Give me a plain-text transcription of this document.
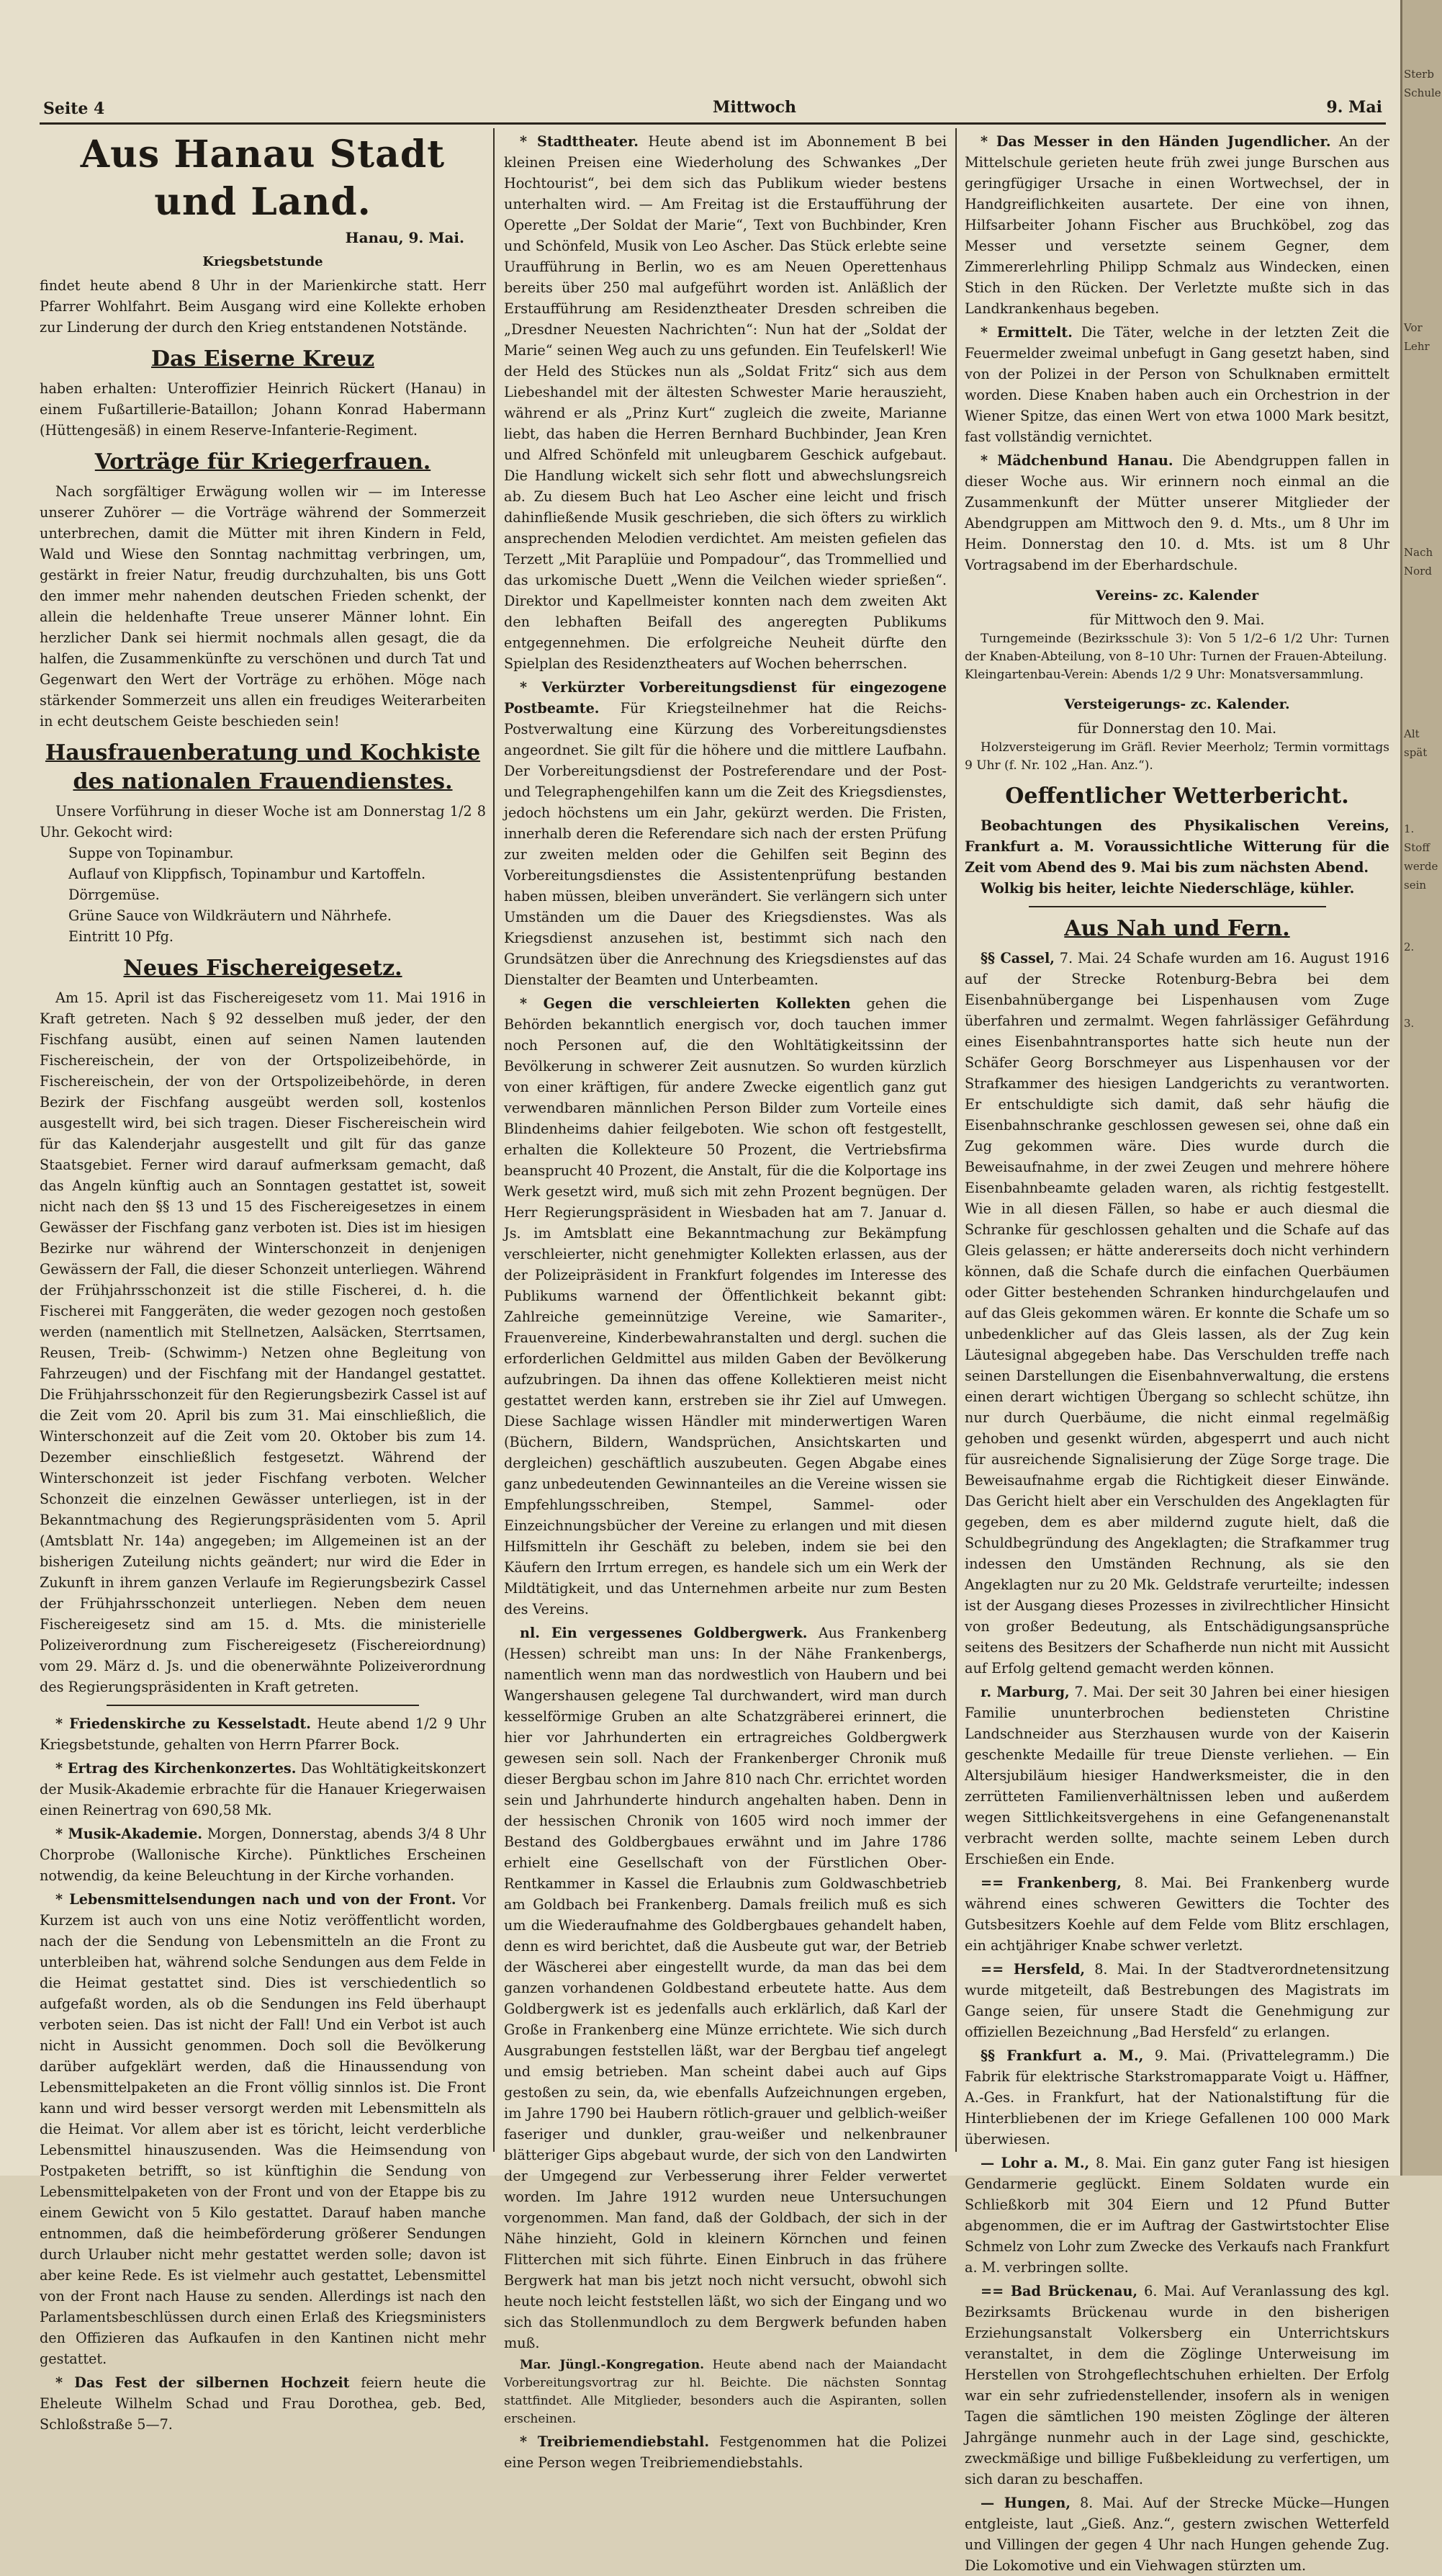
Seite 4	Mittwoch	9. Mai
Aus Hanau Stadt und Land.
Hanau, 9. Mai.
Kriegsbetstunde

findet heute abend 8 Uhr in der Marienkirche statt. Herr Pfarrer Wohlfahrt. Beim Ausgang wird eine Kollekte erhoben zur Linderung der durch den Krieg entstandenen Notstände.

Das Eiserne Kreuz

haben erhalten: Unteroffizier Heinrich Rückert (Hanau) in einem Fußartillerie-Bataillon; Johann Konrad Habermann (Hüttengesäß) in einem Reserve-Infanterie-Regiment.

Vorträge für Kriegerfrauen.

Nach sorgfältiger Erwägung wollen wir — im Interesse unserer Zuhörer — die Vorträge während der Sommerzeit unterbrechen, damit die Mütter mit ihren Kindern in Feld, Wald und Wiese den Sonntag nachmittag verbringen, um, gestärkt in freier Natur, freudig durchzuhalten, bis uns Gott den immer mehr nahenden deutschen Frieden schenkt, der allein die heldenhafte Treue unserer Männer lohnt. Ein herzlicher Dank sei hiermit nochmals allen gesagt, die da halfen, die Zusammenkünfte zu verschönen und durch Tat und Gegenwart den Wert der Vorträge zu erhöhen. Möge nach stärkender Sommerzeit uns allen ein freudiges Weiterarbeiten in echt deutschem Geiste beschieden sein!

Hausfrauenberatung und Kochkiste des nationalen Frauendienstes.

Unsere Vorführung in dieser Woche ist am Donnerstag 1/2 8 Uhr. Gekocht wird:

Suppe von Topinambur.

Auflauf von Klippfisch, Topinambur und Kartoffeln.

Dörrgemüse.

Grüne Sauce von Wildkräutern und Nährhefe.

Eintritt 10 Pfg.

Neues Fischereigesetz.

Am 15. April ist das Fischereigesetz vom 11. Mai 1916 in Kraft getreten. Nach § 92 desselben muß jeder, der den Fischfang ausübt, einen auf seinen Namen lautenden Fischereischein, der von der Ortspolizeibehörde, in Fischereischein, der von der Ortspolizeibehörde, in deren Bezirk der Fischfang ausgeübt werden soll, kostenlos ausgestellt wird, bei sich tragen. Dieser Fischereischein wird für das Kalenderjahr ausgestellt und gilt für das ganze Staatsgebiet. Ferner wird darauf aufmerksam gemacht, daß das Angeln künftig auch an Sonntagen gestattet ist, soweit nicht nach den §§ 13 und 15 des Fischereigesetzes in einem Gewässer der Fischfang ganz verboten ist. Dies ist im hiesigen Bezirke nur während der Winterschonzeit in denjenigen Gewässern der Fall, die dieser Schonzeit unterliegen. Während der Frühjahrsschonzeit ist die stille Fischerei, d. h. die Fischerei mit Fanggeräten, die weder gezogen noch gestoßen werden (namentlich mit Stellnetzen, Aalsäcken, Sterrtsamen, Reusen, Treib- (Schwimm-) Netzen ohne Begleitung von Fahrzeugen) und der Fischfang mit der Handangel gestattet. Die Frühjahrsschonzeit für den Regierungsbezirk Cassel ist auf die Zeit vom 20. April bis zum 31. Mai einschließlich, die Winterschonzeit auf die Zeit vom 20. Oktober bis zum 14. Dezember einschließlich festgesetzt. Während der Winterschonzeit ist jeder Fischfang verboten. Welcher Schonzeit die einzelnen Gewässer unterliegen, ist in der Bekanntmachung des Regierungspräsidenten vom 5. April (Amtsblatt Nr. 14a) angegeben; im Allgemeinen ist an der bisherigen Zuteilung nichts geändert; nur wird die Eder in Zukunft in ihrem ganzen Verlaufe im Regierungsbezirk Cassel der Frühjahrsschonzeit unterliegen. Neben dem neuen Fischereigesetz sind am 15. d. Mts. die ministerielle Polizeiverordnung zum Fischereigesetz (Fischereiordnung) vom 29. März d. Js. und die obenerwähnte Polizeiverordnung des Regierungspräsidenten in Kraft getreten.

* Friedenskirche zu Kesselstadt. Heute abend 1/2 9 Uhr Kriegsbetstunde, gehalten von Herrn Pfarrer Bock.

* Ertrag des Kirchenkonzertes. Das Wohltätigkeitskonzert der Musik-Akademie erbrachte für die Hanauer Kriegerwaisen einen Reinertrag von 690,58 Mk.

* Musik-Akademie. Morgen, Donnerstag, abends 3/4 8 Uhr Chorprobe (Wallonische Kirche). Pünktliches Erscheinen notwendig, da keine Beleuchtung in der Kirche vorhanden.

* Lebensmittelsendungen nach und von der Front. Vor Kurzem ist auch von uns eine Notiz veröffentlicht worden, nach der die Sendung von Lebensmitteln an die Front zu unterbleiben hat, während solche Sendungen aus dem Felde in die Heimat gestattet sind. Dies ist verschiedentlich so aufgefaßt worden, als ob die Sendungen ins Feld überhaupt verboten seien. Das ist nicht der Fall! Und ein Verbot ist auch nicht in Aussicht genommen. Doch soll die Bevölkerung darüber aufgeklärt werden, daß die Hinaussendung von Lebensmittelpaketen an die Front völlig sinnlos ist. Die Front kann und wird besser versorgt werden mit Lebensmitteln als die Heimat. Vor allem aber ist es töricht, leicht verderbliche Lebensmittel hinauszusenden. Was die Heimsendung von Postpaketen betrifft, so ist künftighin die Sendung von Lebensmittelpaketen von der Front und von der Etappe bis zu einem Gewicht von 5 Kilo gestattet. Darauf haben manche entnommen, daß die heimbeförderung größerer Sendungen durch Urlauber nicht mehr gestattet werden solle; davon ist aber keine Rede. Es ist vielmehr auch gestattet, Lebensmittel von der Front nach Hause zu senden. Allerdings ist nach den Parlamentsbeschlüssen durch einen Erlaß des Kriegsministers den Offizieren das Aufkaufen in den Kantinen nicht mehr gestattet.

* Das Fest der silbernen Hochzeit feiern heute die Eheleute Wilhelm Schad und Frau Dorothea, geb. Bed, Schloßstraße 5—7.

* Stadttheater. Heute abend ist im Abonnement B bei kleinen Preisen eine Wiederholung des Schwankes „Der Hochtourist“, bei dem sich das Publikum wieder bestens unterhalten wird. — Am Freitag ist die Erstaufführung der Operette „Der Soldat der Marie“, Text von Buchbinder, Kren und Schönfeld, Musik von Leo Ascher. Das Stück erlebte seine Uraufführung in Berlin, wo es am Neuen Operettenhaus bereits über 250 mal aufgeführt worden ist. Anläßlich der Erstaufführung am Residenztheater Dresden schreiben die „Dresdner Neuesten Nachrichten“: Nun hat der „Soldat der Marie“ seinen Weg auch zu uns gefunden. Ein Teufelskerl! Wie der Held des Stückes nun als „Soldat Fritz“ sich aus dem Liebeshandel mit der ältesten Schwester Marie herauszieht, während er als „Prinz Kurt“ zugleich die zweite, Marianne liebt, das haben die Herren Bernhard Buchbinder, Jean Kren und Alfred Schönfeld mit unleugbarem Geschick aufgebaut. Die Handlung wickelt sich sehr flott und abwechslungsreich ab. Zu diesem Buch hat Leo Ascher eine leicht und frisch dahinfließende Musik geschrieben, die sich öfters zu wirklich ansprechenden Melodien verdichtet. Am meisten gefielen das Terzett „Mit Paraplüie und Pompadour“, das Trommellied und das urkomische Duett „Wenn die Veilchen wieder sprießen“. Direktor und Kapellmeister konnten nach dem zweiten Akt den lebhaften Beifall des angeregten Publikums entgegennehmen. Die erfolgreiche Neuheit dürfte den Spielplan des Residenztheaters auf Wochen beherrschen.

* Verkürzter Vorbereitungsdienst für eingezogene Postbeamte. Für Kriegsteilnehmer hat die Reichs-Postverwaltung eine Kürzung des Vorbereitungsdienstes angeordnet. Sie gilt für die höhere und die mittlere Laufbahn. Der Vorbereitungsdienst der Postreferendare und der Post- und Telegraphengehilfen kann um die Zeit des Kriegsdienstes, jedoch höchstens um ein Jahr, gekürzt werden. Die Fristen, innerhalb deren die Referendare sich nach der ersten Prüfung zur zweiten melden oder die Gehilfen seit Beginn des Vorbereitungsdienstes die Assistentenprüfung bestanden haben müssen, bleiben unverändert. Sie verlängern sich unter Umständen um die Dauer des Kriegsdienstes. Was als Kriegsdienst anzusehen ist, bestimmt sich nach den Grundsätzen über die Anrechnung des Kriegsdienstes auf das Dienstalter der Beamten und Unterbeamten.

* Gegen die verschleierten Kollekten gehen die Behörden bekanntlich energisch vor, doch tauchen immer noch Personen auf, die den Wohltätigkeitssinn der Bevölkerung in schwerer Zeit ausnutzen. So wurden kürzlich von einer kräftigen, für andere Zwecke eigentlich ganz gut verwendbaren männlichen Person Bilder zum Vorteile eines Blindenheims dahier feilgeboten. Wie schon oft festgestellt, erhalten die Kollekteure 50 Prozent, die Vertriebsfirma beansprucht 40 Prozent, die Anstalt, für die die Kolportage ins Werk gesetzt wird, muß sich mit zehn Prozent begnügen. Der Herr Regierungspräsident in Wiesbaden hat am 7. Januar d. Js. im Amtsblatt eine Bekanntmachung zur Bekämpfung verschleierter, nicht genehmigter Kollekten erlassen, aus der der Polizeipräsident in Frankfurt folgendes im Interesse des Publikums warnend der Öffentlichkeit bekannt gibt: Zahlreiche gemeinnützige Vereine, wie Samariter-, Frauenvereine, Kinderbewahranstalten und dergl. suchen die erforderlichen Geldmittel aus milden Gaben der Bevölkerung aufzubringen. Da ihnen das offene Kollektieren meist nicht gestattet werden kann, erstreben sie ihr Ziel auf Umwegen. Diese Sachlage wissen Händler mit minderwertigen Waren (Büchern, Bildern, Wandsprüchen, Ansichtskarten und dergleichen) geschäftlich auszubeuten. Gegen Abgabe eines ganz unbedeutenden Gewinnanteiles an die Vereine wissen sie Empfehlungsschreiben, Stempel, Sammel- oder Einzeichnungsbücher der Vereine zu erlangen und mit diesen Hilfsmitteln ihr Geschäft zu beleben, indem sie bei den Käufern den Irrtum erregen, es handele sich um ein Werk der Mildtätigkeit, und das Unternehmen arbeite nur zum Besten des Vereins.

nl. Ein vergessenes Goldbergwerk. Aus Frankenberg (Hessen) schreibt man uns: In der Nähe Frankenbergs, namentlich wenn man das nordwestlich von Haubern und bei Wangershausen gelegene Tal durchwandert, wird man durch kesselförmige Gruben an alte Schatzgräberei erinnert, die hier vor Jahrhunderten ein ertragreiches Goldbergwerk gewesen sein soll. Nach der Frankenberger Chronik muß dieser Bergbau schon im Jahre 810 nach Chr. errichtet worden sein und Jahrhunderte hindurch angehalten haben. Denn in der hessischen Chronik von 1605 wird noch immer der Bestand des Goldbergbaues erwähnt und im Jahre 1786 erhielt eine Gesellschaft von der Fürstlichen Ober-Rentkammer in Kassel die Erlaubnis zum Goldwaschbetrieb am Goldbach bei Frankenberg. Damals freilich muß es sich um die Wiederaufnahme des Goldbergbaues gehandelt haben, denn es wird berichtet, daß die Ausbeute gut war, der Betrieb der Wäscherei aber eingestellt wurde, da man das bei dem ganzen vorhandenen Goldbestand erbeutete hatte. Aus dem Goldbergwerk ist es jedenfalls auch erklärlich, daß Karl der Große in Frankenberg eine Münze errichtete. Wie sich durch Ausgrabungen feststellen läßt, war der Bergbau tief angelegt und emsig betrieben. Man scheint dabei auch auf Gips gestoßen zu sein, da, wie ebenfalls Aufzeichnungen ergeben, im Jahre 1790 bei Haubern rötlich-grauer und gelblich-weißer faseriger und dunkler, grau-weißer und nelkenbrauner blätteriger Gips abgebaut wurde, der sich von den Landwirten der Umgegend zur Verbesserung ihrer Felder verwertet worden. Im Jahre 1912 wurden neue Untersuchungen vorgenommen. Man fand, daß der Goldbach, der sich in der Nähe hinzieht, Gold in kleinern Körnchen und feinen Flitterchen mit sich führte. Einen Einbruch in das frühere Bergwerk hat man bis jetzt noch nicht versucht, obwohl sich heute noch leicht feststellen läßt, wo sich der Eingang und wo sich das Stollenmundloch zu dem Bergwerk befunden haben muß.

Mar. Jüngl.-Kongregation. Heute abend nach der Maiandacht Vorbereitungsvortrag zur hl. Beichte. Die nächsten Sonntag stattfindet. Alle Mitglieder, besonders auch die Aspiranten, sollen erscheinen.

* Treibriemendiebstahl. Festgenommen hat die Polizei eine Person wegen Treibriemendiebstahls.

* Das Messer in den Händen Jugendlicher. An der Mittelschule gerieten heute früh zwei junge Burschen aus geringfügiger Ursache in einen Wortwechsel, der in Handgreiflichkeiten ausartete. Der eine von ihnen, Hilfsarbeiter Johann Fischer aus Bruchköbel, zog das Messer und versetzte seinem Gegner, dem Zimmererlehrling Philipp Schmalz aus Windecken, einen Stich in den Rücken. Der Verletzte mußte sich in das Landkrankenhaus begeben.

* Ermittelt. Die Täter, welche in der letzten Zeit die Feuermelder zweimal unbefugt in Gang gesetzt haben, sind von der Polizei in der Person von Schulknaben ermittelt worden. Diese Knaben haben auch ein Orchestrion in der Wiener Spitze, das einen Wert von etwa 1000 Mark besitzt, fast vollständig vernichtet.

* Mädchenbund Hanau. Die Abendgruppen fallen in dieser Woche aus. Wir erinnern noch einmal an die Zusammenkunft der Mütter unserer Mitglieder der Abendgruppen am Mittwoch den 9. d. Mts., um 8 Uhr im Heim. Donnerstag den 10. d. Mts. ist um 8 Uhr Vortragsabend im der Eberhardschule.

Vereins- zc. Kalender

für Mittwoch den 9. Mai.

Turngemeinde (Bezirksschule 3): Von 5 1/2–6 1/2 Uhr: Turnen der Knaben-Abteilung, von 8–10 Uhr: Turnen der Frauen-Abteilung.

Kleingartenbau-Verein: Abends 1/2 9 Uhr: Monatsversammlung.

Versteigerungs- zc. Kalender.

für Donnerstag den 10. Mai.

Holzversteigerung im Gräfl. Revier Meerholz; Termin vormittags 9 Uhr (f. Nr. 102 „Han. Anz.“).

Oeffentlicher Wetterbericht.

Beobachtungen des Physikalischen Vereins, Frankfurt a. M. Voraussichtliche Witterung für die Zeit vom Abend des 9. Mai bis zum nächsten Abend.

Wolkig bis heiter, leichte Niederschläge, kühler.

Aus Nah und Fern.

§§ Cassel, 7. Mai. 24 Schafe wurden am 16. August 1916 auf der Strecke Rotenburg-Bebra bei dem Eisenbahnübergange bei Lispenhausen vom Zuge überfahren und zermalmt. Wegen fahrlässiger Gefährdung eines Eisenbahntransportes hatte sich heute nun der Schäfer Georg Borschmeyer aus Lispenhausen vor der Strafkammer des hiesigen Landgerichts zu verantworten. Er entschuldigte sich damit, daß sehr häufig die Eisenbahnschranke geschlossen gewesen sei, ohne daß ein Zug gekommen wäre. Dies wurde durch die Beweisaufnahme, in der zwei Zeugen und mehrere höhere Eisenbahnbeamte geladen waren, als richtig festgestellt. Wie in all diesen Fällen, so habe er auch diesmal die Schranke für geschlossen gehalten und die Schafe auf das Gleis gelassen; er hätte andererseits doch nicht verhindern können, daß die Schafe durch die einfachen Querbäumen oder Gitter bestehenden Schranken hindurchgelaufen und auf das Gleis gekommen wären. Er konnte die Schafe um so unbedenklicher auf das Gleis lassen, als der Zug kein Läutesignal abgegeben habe. Das Verschulden treffe nach seinen Darstellungen die Eisenbahnverwaltung, die erstens einen derart wichtigen Übergang so schlecht schütze, ihn nur durch Querbäume, die nicht einmal regelmäßig gehoben und gesenkt würden, abgesperrt und auch nicht für ausreichende Signalisierung der Züge Sorge trage. Die Beweisaufnahme ergab die Richtigkeit dieser Einwände. Das Gericht hielt aber ein Verschulden des Angeklagten für gegeben, dem es aber mildernd zugute hielt, daß die Schuldbegründung des Angeklagten; die Strafkammer trug indessen den Umständen Rechnung, als sie den Angeklagten nur zu 20 Mk. Geldstrafe verurteilte; indessen ist der Ausgang dieses Prozesses in zivilrechtlicher Hinsicht von großer Bedeutung, als Entschädigungsansprüche seitens des Besitzers der Schafherde nun nicht mit Aussicht auf Erfolg geltend gemacht werden können.

r. Marburg, 7. Mai. Der seit 30 Jahren bei einer hiesigen Familie ununterbrochen bediensteten Christine Landschneider aus Sterzhausen wurde von der Kaiserin geschenkte Medaille für treue Dienste verliehen. — Ein Altersjubiläum hiesiger Handwerksmeister, die in den zerrütteten Familienverhältnissen leben und außerdem wegen Sittlichkeitsvergehens in eine Gefangenenanstalt verbracht werden sollte, machte seinem Leben durch Erschießen ein Ende.

== Frankenberg, 8. Mai. Bei Frankenberg wurde während eines schweren Gewitters die Tochter des Gutsbesitzers Koehle auf dem Felde vom Blitz erschlagen, ein achtjähriger Knabe schwer verletzt.

== Hersfeld, 8. Mai. In der Stadtverordnetensitzung wurde mitgeteilt, daß Bestrebungen des Magistrats im Gange seien, für unsere Stadt die Genehmigung zur offiziellen Bezeichnung „Bad Hersfeld“ zu erlangen.

§§ Frankfurt a. M., 9. Mai. (Privattelegramm.) Die Fabrik für elektrische Starkstromapparate Voigt u. Häffner, A.-Ges. in Frankfurt, hat der Nationalstiftung für die Hinterbliebenen der im Kriege Gefallenen 100 000 Mark überwiesen.

— Lohr a. M., 8. Mai. Ein ganz guter Fang ist hiesigen Gendarmerie geglückt. Einem Soldaten wurde ein Schließkorb mit 304 Eiern und 12 Pfund Butter abgenommen, die er im Auftrag der Gastwirtstochter Elise Schmelz von Lohr zum Zwecke des Verkaufs nach Frankfurt a. M. verbringen sollte.

== Bad Brückenau, 6. Mai. Auf Veranlassung des kgl. Bezirksamts Brückenau wurde in den bisherigen Erziehungsanstalt Volkersberg ein Unterrichtskurs veranstaltet, in dem die Zöglinge Unterweisung im Herstellen von Strohgeflechtschuhen erhielten. Der Erfolg war ein sehr zufriedenstellender, insofern als in wenigen Tagen die sämtlichen 190 meisten Zöglinge der älteren Jahrgänge nunmehr auch in der Lage sind, geschickte, zweckmäßige und billige Fußbekleidung zu verfertigen, um sich daran zu beschaffen.

— Hungen, 8. Mai. Auf der Strecke Mücke—Hungen entgleiste, laut „Gieß. Anz.“, gestern zwischen Wetterfeld und Villingen der gegen 4 Uhr nach Hungen gehende Zug. Die Lokomotive und ein Viehwagen stürzten um.

Sterb
Schule
Vor
Lehr
Nach
Nord
Alt
spät
1.
Stoff
werde
sein
2.
3.
